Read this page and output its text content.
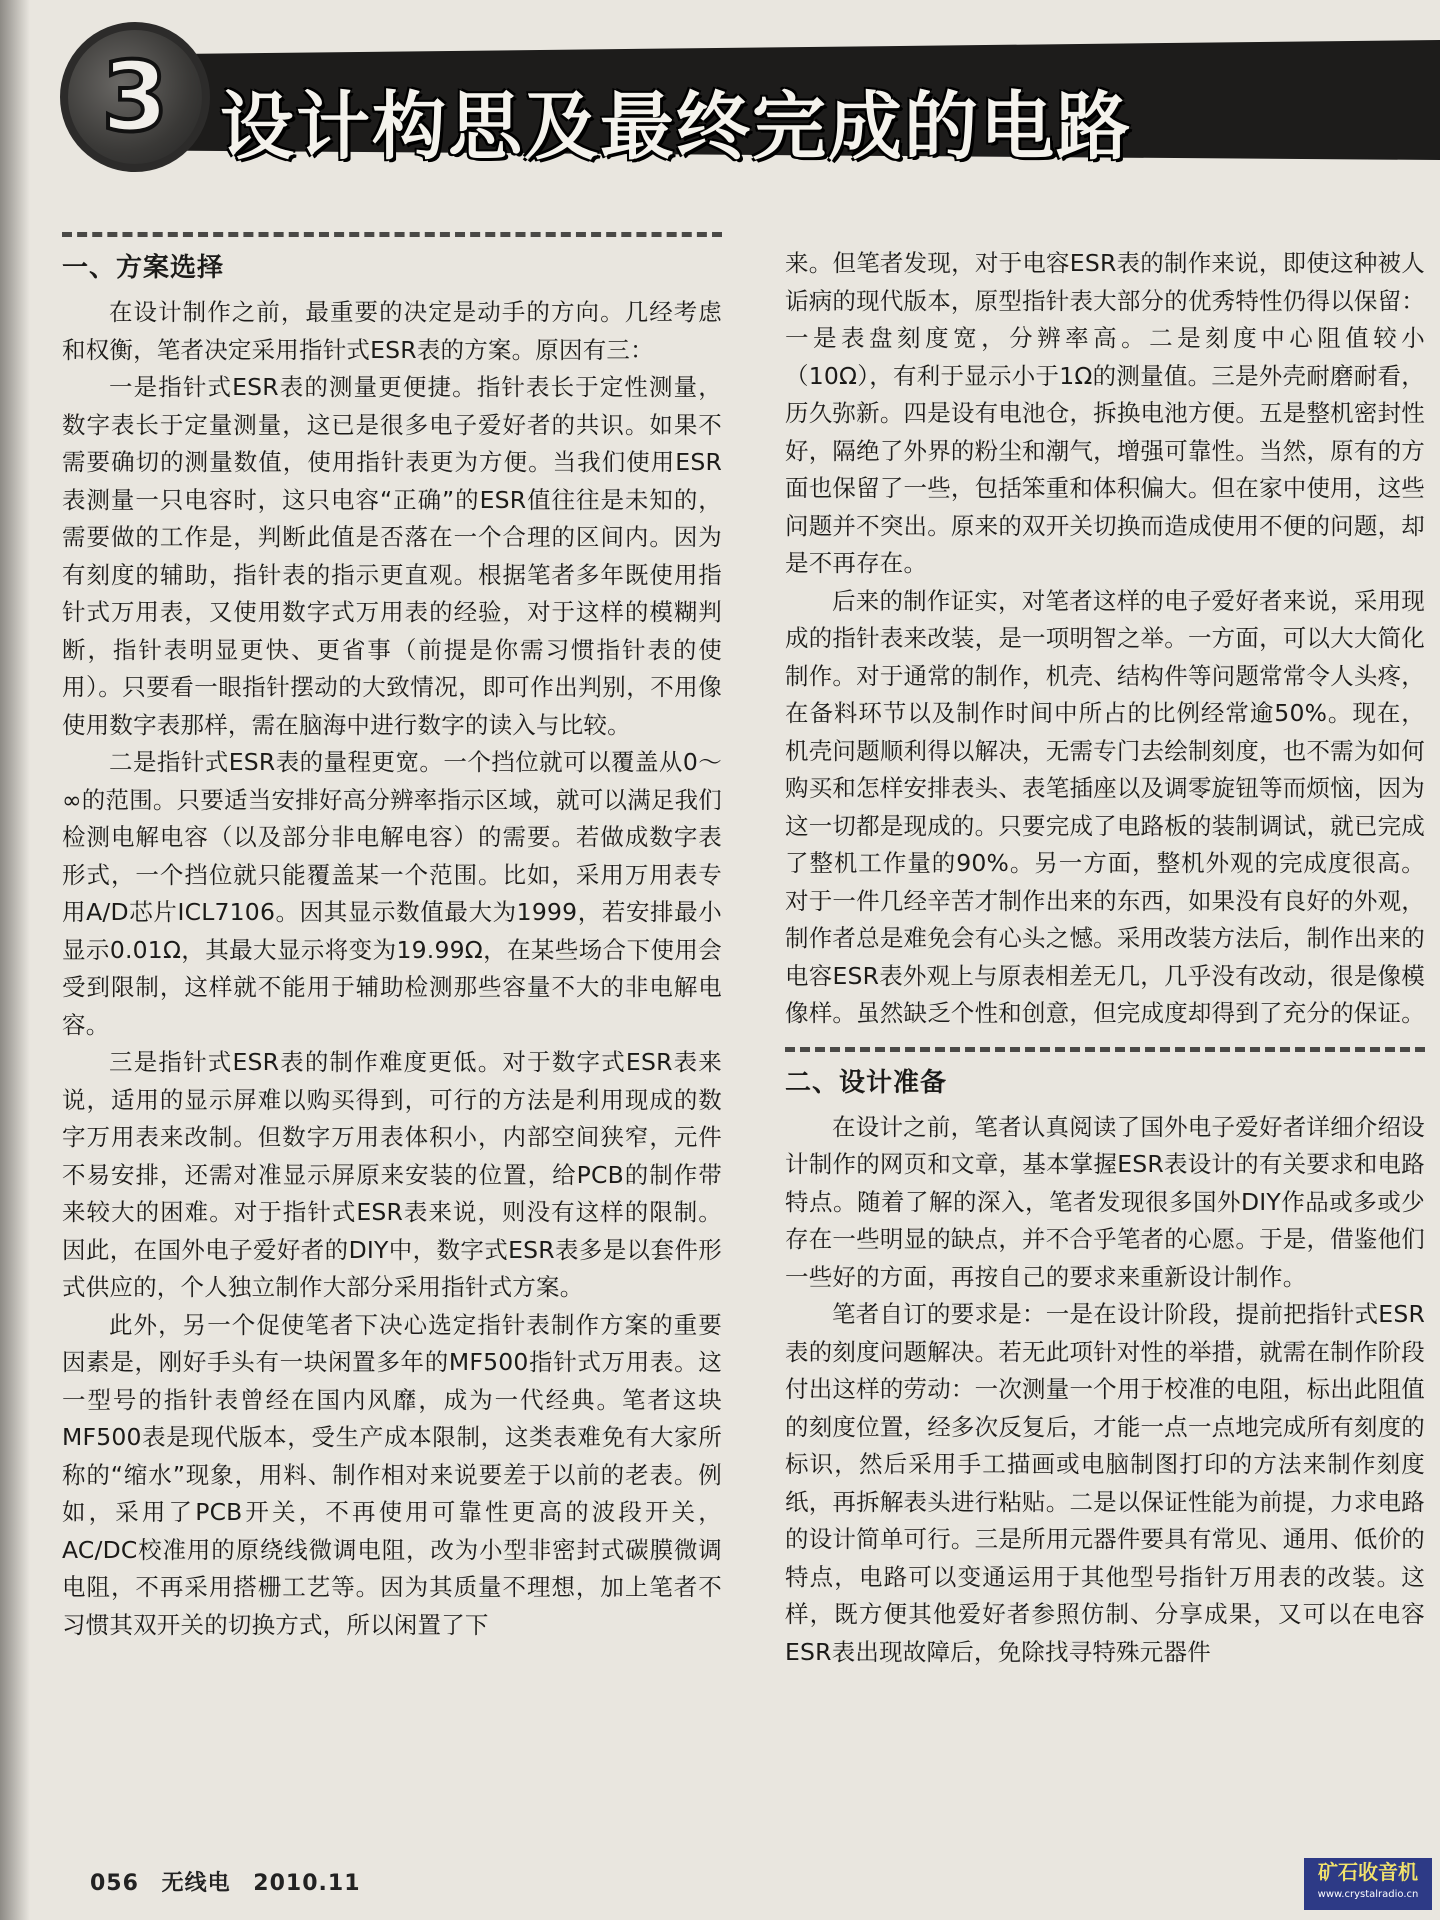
3 设计构思及最终完成的电路
一、方案选择

在设计制作之前，最重要的决定是动手的方向。几经考虑和权衡，笔者决定采用指针式ESR表的方案。原因有三：

一是指针式ESR表的测量更便捷。指针表长于定性测量，数字表长于定量测量，这已是很多电子爱好者的共识。如果不需要确切的测量数值，使用指针表更为方便。当我们使用ESR表测量一只电容时，这只电容“正确”的ESR值往往是未知的，需要做的工作是，判断此值是否落在一个合理的区间内。因为有刻度的辅助，指针表的指示更直观。根据笔者多年既使用指针式万用表，又使用数字式万用表的经验，对于这样的模糊判断，指针表明显更快、更省事（前提是你需习惯指针表的使用）。只要看一眼指针摆动的大致情况，即可作出判别，不用像使用数字表那样，需在脑海中进行数字的读入与比较。

二是指针式ESR表的量程更宽。一个挡位就可以覆盖从0～∞的范围。只要适当安排好高分辨率指示区域，就可以满足我们检测电解电容（以及部分非电解电容）的需要。若做成数字表形式，一个挡位就只能覆盖某一个范围。比如，采用万用表专用A/D芯片ICL7106。因其显示数值最大为1999，若安排最小显示0.01Ω，其最大显示将变为19.99Ω，在某些场合下使用会受到限制，这样就不能用于辅助检测那些容量不大的非电解电容。

三是指针式ESR表的制作难度更低。对于数字式ESR表来说，适用的显示屏难以购买得到，可行的方法是利用现成的数字万用表来改制。但数字万用表体积小，内部空间狭窄，元件不易安排，还需对准显示屏原来安装的位置，给PCB的制作带来较大的困难。对于指针式ESR表来说，则没有这样的限制。因此，在国外电子爱好者的DIY中，数字式ESR表多是以套件形式供应的，个人独立制作大部分采用指针式方案。

此外，另一个促使笔者下决心选定指针表制作方案的重要因素是，刚好手头有一块闲置多年的MF500指针式万用表。这一型号的指针表曾经在国内风靡，成为一代经典。笔者这块MF500表是现代版本，受生产成本限制，这类表难免有大家所称的“缩水”现象，用料、制作相对来说要差于以前的老表。例如，采用了PCB开关，不再使用可靠性更高的波段开关，AC/DC校准用的原绕线微调电阻，改为小型非密封式碳膜微调电阻，不再采用搭栅工艺等。因为其质量不理想，加上笔者不习惯其双开关的切换方式，所以闲置了下

来。但笔者发现，对于电容ESR表的制作来说，即使这种被人诟病的现代版本，原型指针表大部分的优秀特性仍得以保留：一是表盘刻度宽，分辨率高。二是刻度中心阻值较小（10Ω），有利于显示小于1Ω的测量值。三是外壳耐磨耐看，历久弥新。四是设有电池仓，拆换电池方便。五是整机密封性好，隔绝了外界的粉尘和潮气，增强可靠性。当然，原有的方面也保留了一些，包括笨重和体积偏大。但在家中使用，这些问题并不突出。原来的双开关切换而造成使用不便的问题，却是不再存在。

后来的制作证实，对笔者这样的电子爱好者来说，采用现成的指针表来改装，是一项明智之举。一方面，可以大大简化制作。对于通常的制作，机壳、结构件等问题常常令人头疼，在备料环节以及制作时间中所占的比例经常逾50%。现在，机壳问题顺利得以解决，无需专门去绘制刻度，也不需为如何购买和怎样安排表头、表笔插座以及调零旋钮等而烦恼，因为这一切都是现成的。只要完成了电路板的装制调试，就已完成了整机工作量的90%。另一方面，整机外观的完成度很高。对于一件几经辛苦才制作出来的东西，如果没有良好的外观，制作者总是难免会有心头之憾。采用改装方法后，制作出来的电容ESR表外观上与原表相差无几，几乎没有改动，很是像模像样。虽然缺乏个性和创意，但完成度却得到了充分的保证。

二、设计准备

在设计之前，笔者认真阅读了国外电子爱好者详细介绍设计制作的网页和文章，基本掌握ESR表设计的有关要求和电路特点。随着了解的深入，笔者发现很多国外DIY作品或多或少存在一些明显的缺点，并不合乎笔者的心愿。于是，借鉴他们一些好的方面，再按自己的要求来重新设计制作。

笔者自订的要求是：一是在设计阶段，提前把指针式ESR表的刻度问题解决。若无此项针对性的举措，就需在制作阶段付出这样的劳动：一次测量一个用于校准的电阻，标出此阻值的刻度位置，经多次反复后，才能一点一点地完成所有刻度的标识，然后采用手工描画或电脑制图打印的方法来制作刻度纸，再拆解表头进行粘贴。二是以保证性能为前提，力求电路的设计简单可行。三是所用元器件要具有常见、通用、低价的特点，电路可以变通运用于其他型号指针万用表的改装。这样，既方便其他爱好者参照仿制、分享成果，又可以在电容ESR表出现故障后，免除找寻特殊元器件

056 无线电 2010.11	矿石收音机
www.crystalradio.cn
